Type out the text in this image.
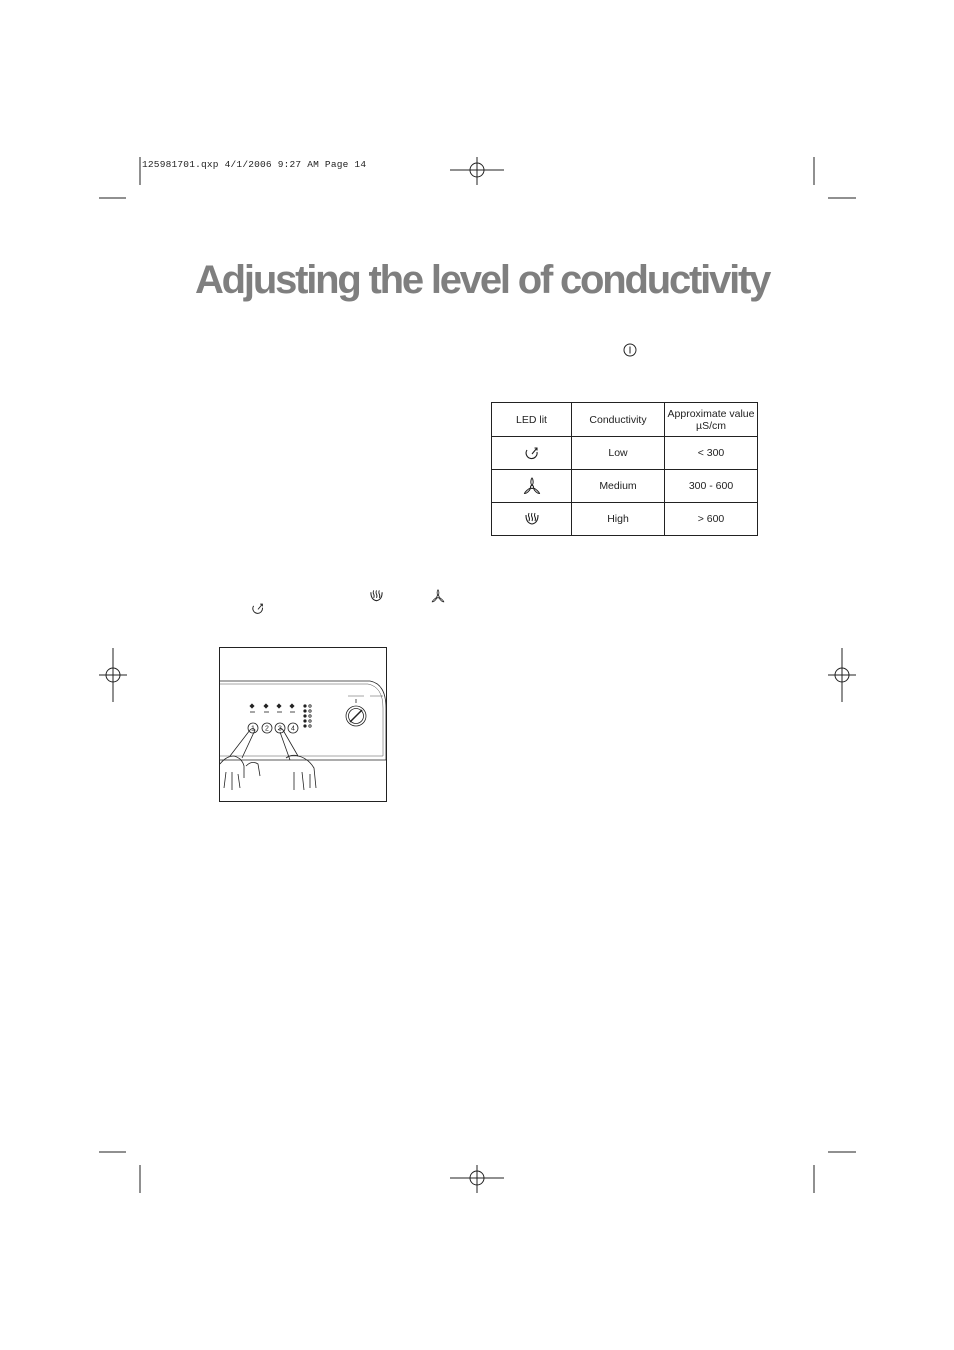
125981701.qxp 4/1/2006 9:27 AM Page 14
Adjusting the level of conductivity
LED lit	Conductivity	Approximate value
µS/cm

	Low	< 300
	Medium	300 - 600
	High	> 600
1 2 3 4
